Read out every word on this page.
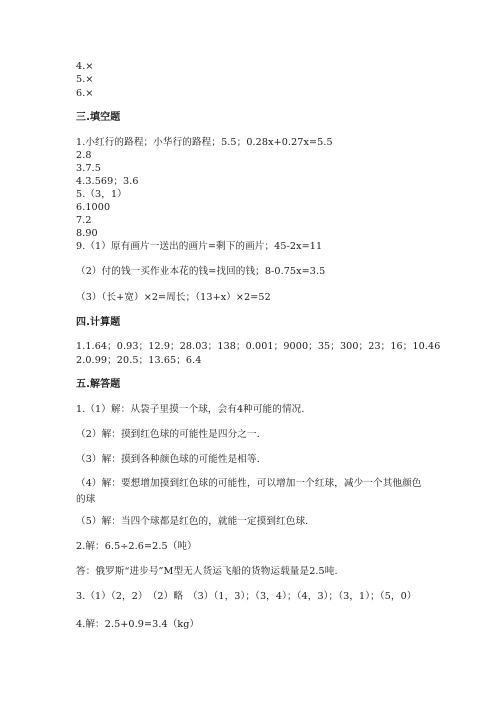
4.×
5.×
6.×
三.填空题
1.小红行的路程；小华行的路程；5.5；0.28x+0.27x=5.5
2.8
3.7.5
4.3.569；3.6
5.（3，1）
6.1000
7.2
8.90
9.（1）原有画片一送出的画片=剩下的画片；45-2x=11
（2）付的钱一买作业本花的钱=找回的钱；8-0.75x=3.5
（3）（长+宽）×2=周长；（13+x）×2=52
四.计算题
1.1.64；0.93；12.9；28.03；138；0.001；9000；35；300；23；16；10.46
2.0.99；20.5；13.65；6.4
五.解答题
1.（1）解：从袋子里摸一个球，会有4种可能的情况.
（2）解：摸到红色球的可能性是四分之一.
（3）解：摸到各种颜色球的可能性是相等.
（4）解：要想增加摸到红色球的可能性，可以增加一个红球，减少一个其他颜色的球
（5）解：当四个球都是红色的，就能一定摸到红色球.
2.解：6.5÷2.6=2.5（吨）
答：俄罗斯“进步号”M型无人货运飞船的货物运载量是2.5吨.
3.（1）（2，2）　（2）略　（3）（1，3）；（3，4）；（4，3）；（3，1）；（5，0）
4.解：2.5+0.9=3.4（kg）
